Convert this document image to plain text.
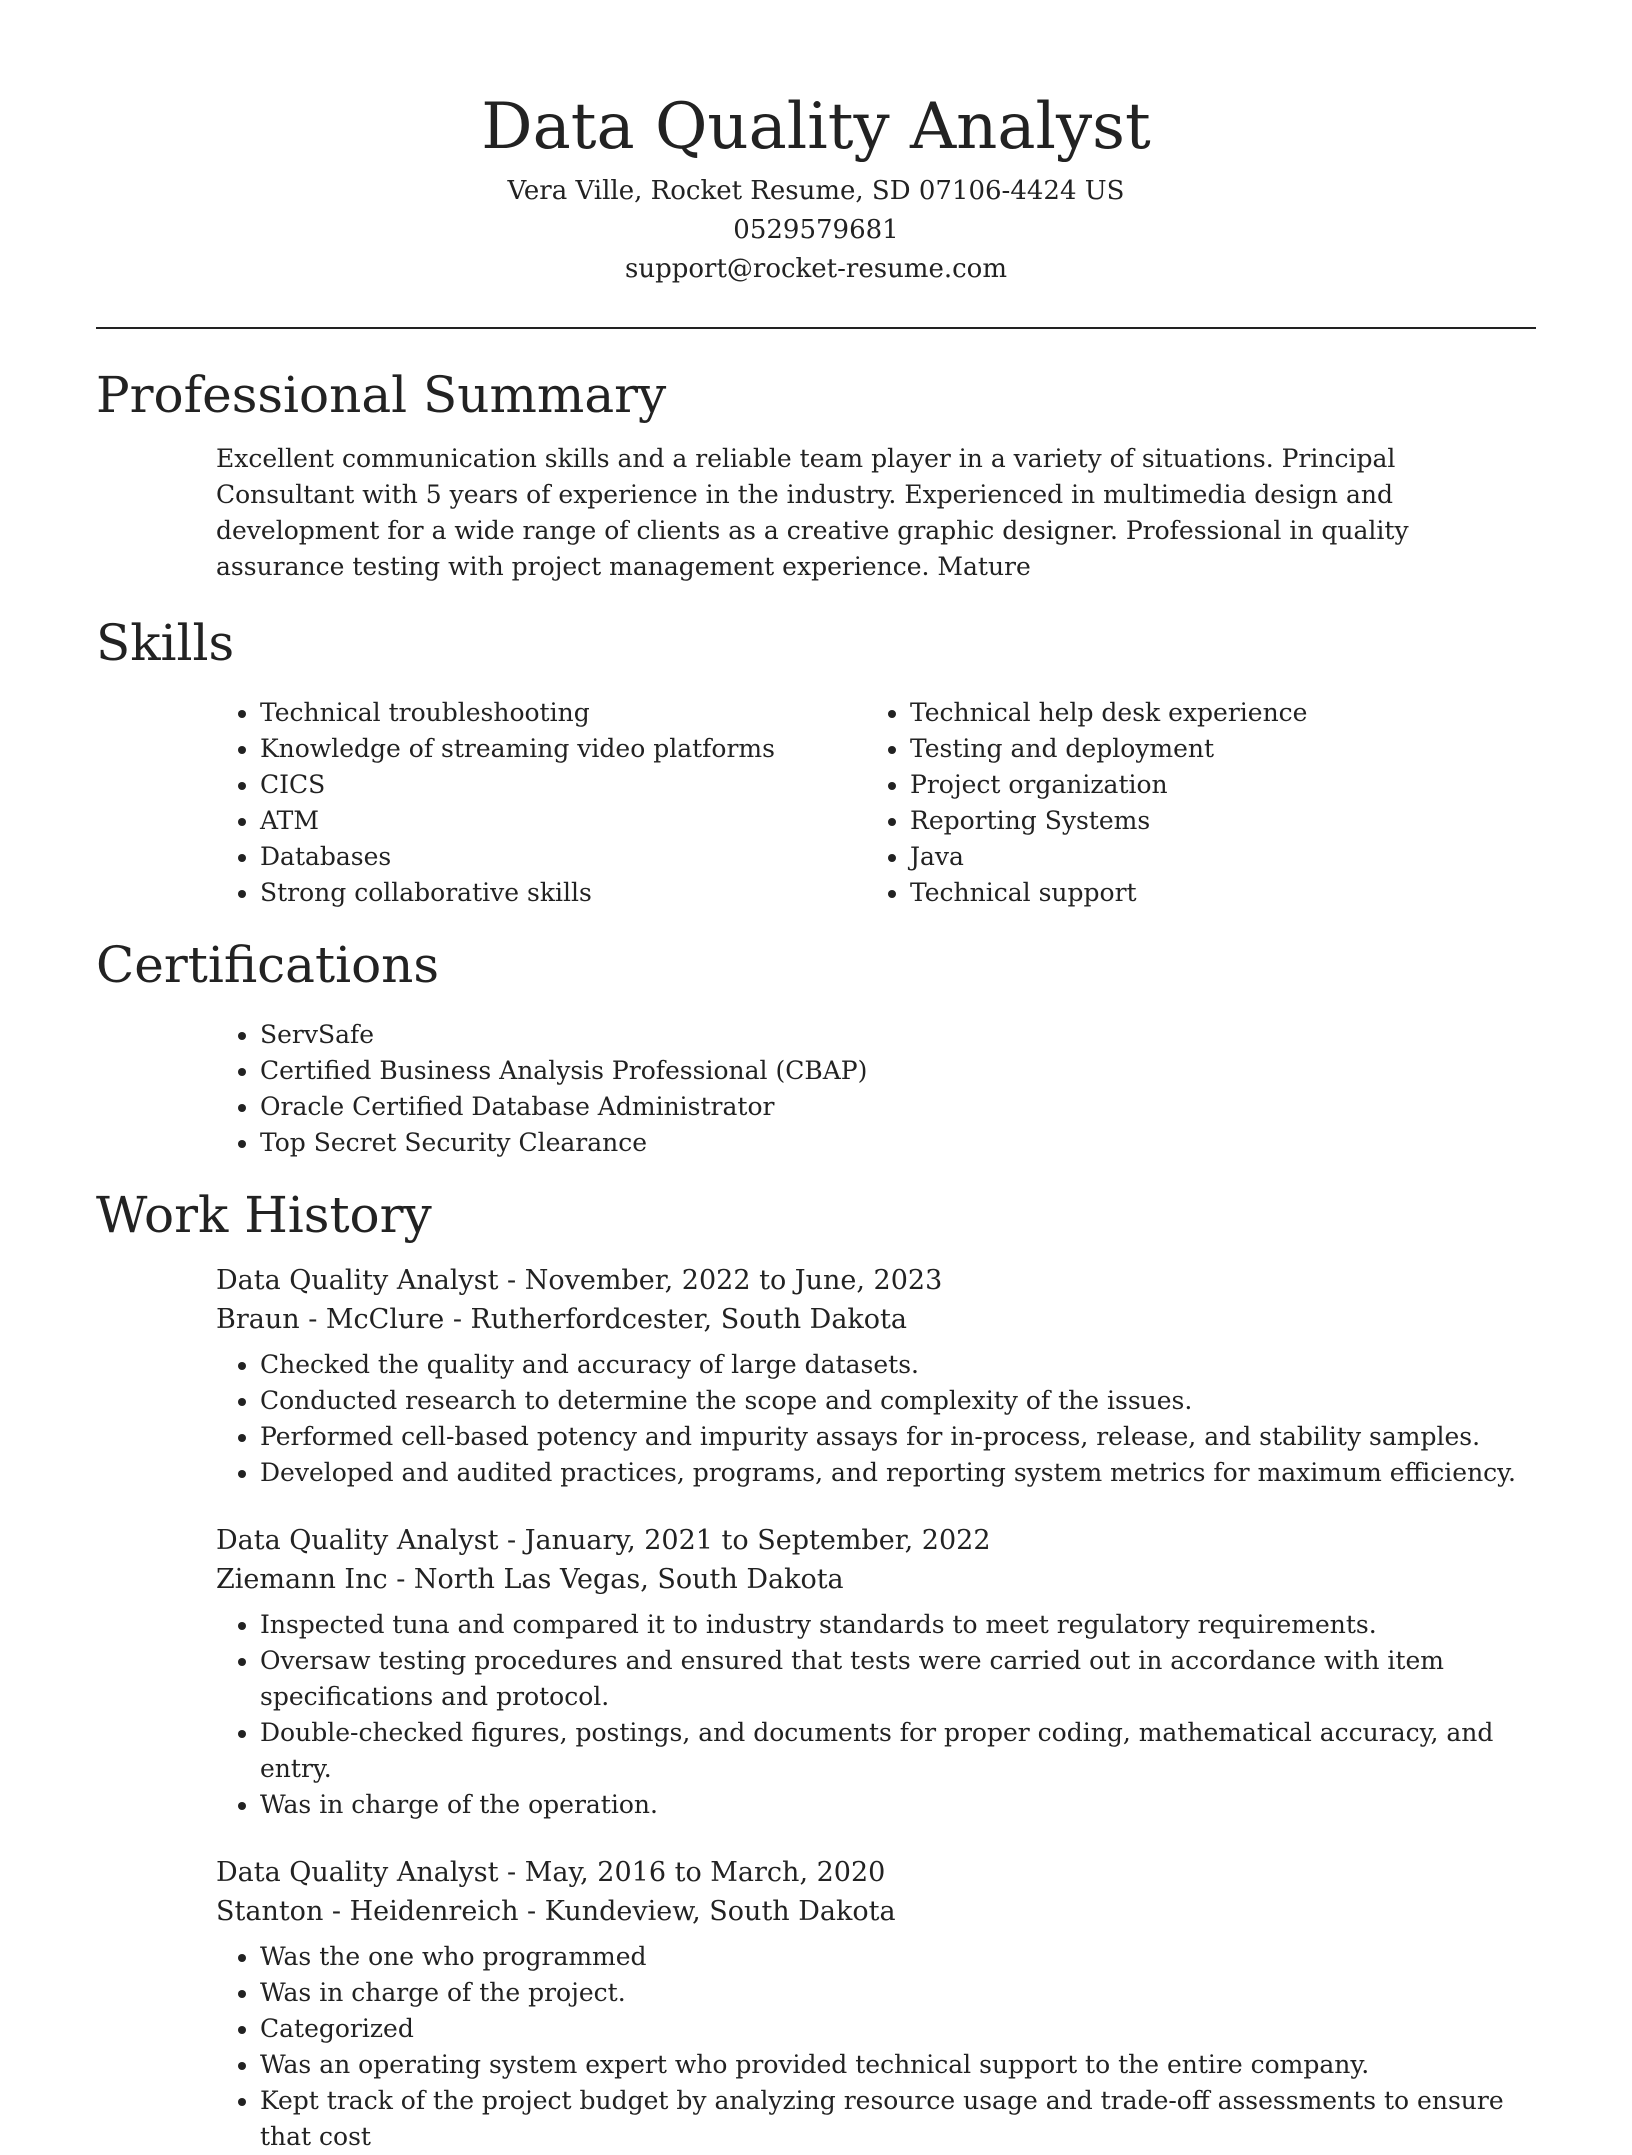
Data Quality Analyst
Vera Ville, Rocket Resume, SD 07106-4424 US
0529579681
support@rocket-resume.com
Professional Summary
Excellent communication skills and a reliable team player in a variety of situations. Principal Consultant with 5 years of experience in the industry. Experienced in multimedia design and development for a wide range of clients as a creative graphic designer. Professional in quality assurance testing with project management experience. Mature
Skills
• Technical troubleshooting
• Knowledge of streaming video platforms
• CICS
• ATM
• Databases
• Strong collaborative skills
• Technical help desk experience
• Testing and deployment
• Project organization
• Reporting Systems
• Java
• Technical support
Certifications
• ServSafe
• Certified Business Analysis Professional (CBAP)
• Oracle Certified Database Administrator
• Top Secret Security Clearance
Work History
Data Quality Analyst - November, 2022 to June, 2023
Braun - McClure - Rutherfordcester, South Dakota
• Checked the quality and accuracy of large datasets.
• Conducted research to determine the scope and complexity of the issues.
• Performed cell-based potency and impurity assays for in-process, release, and stability samples.
• Developed and audited practices, programs, and reporting system metrics for maximum efficiency.
Data Quality Analyst - January, 2021 to September, 2022
Ziemann Inc - North Las Vegas, South Dakota
• Inspected tuna and compared it to industry standards to meet regulatory requirements.
• Oversaw testing procedures and ensured that tests were carried out in accordance with item specifications and protocol.
• Double-checked figures, postings, and documents for proper coding, mathematical accuracy, and entry.
• Was in charge of the operation.
Data Quality Analyst - May, 2016 to March, 2020
Stanton - Heidenreich - Kundeview, South Dakota
• Was the one who programmed
• Was in charge of the project.
• Categorized
• Was an operating system expert who provided technical support to the entire company.
• Kept track of the project budget by analyzing resource usage and trade-off assessments to ensure that cost
